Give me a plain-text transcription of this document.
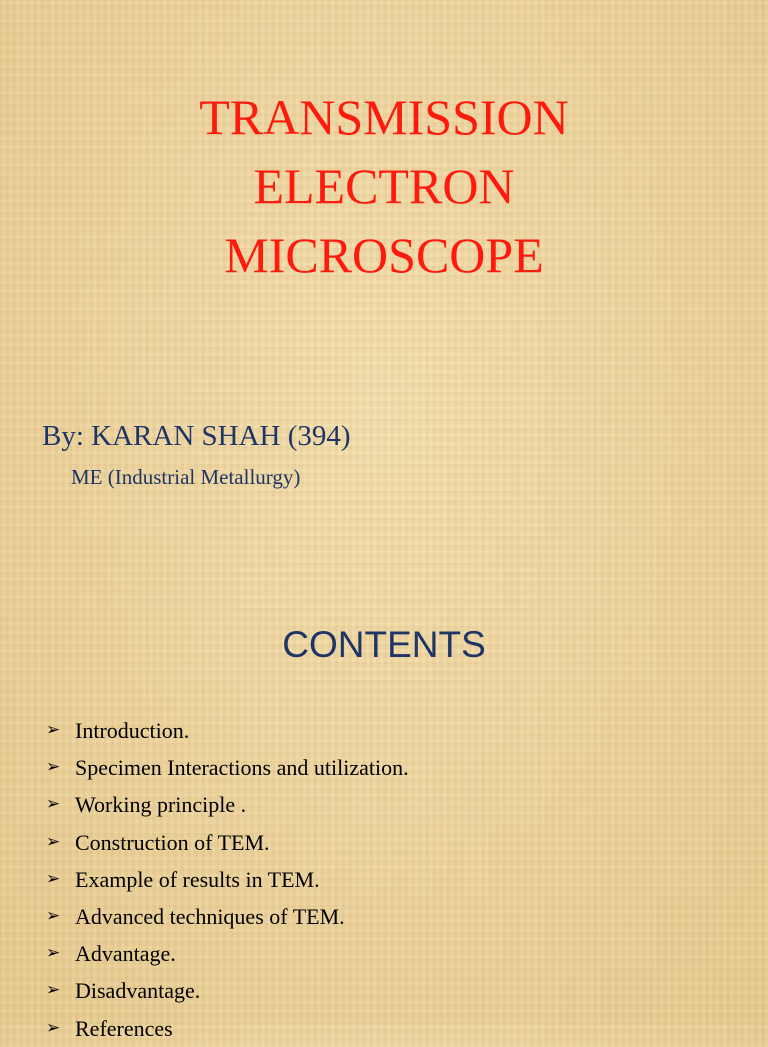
TRANSMISSION
ELECTRON
MICROSCOPE

By: KARAN SHAH (394)

ME (Industrial Metallurgy)

CONTENTS
➢ Introduction.
➢ Specimen Interactions and utilization.
➢ Working principle .
➢ Construction of TEM.
➢ Example of results in TEM.
➢ Advanced techniques of TEM.
➢ Advantage.
➢ Disadvantage.
➢ References
